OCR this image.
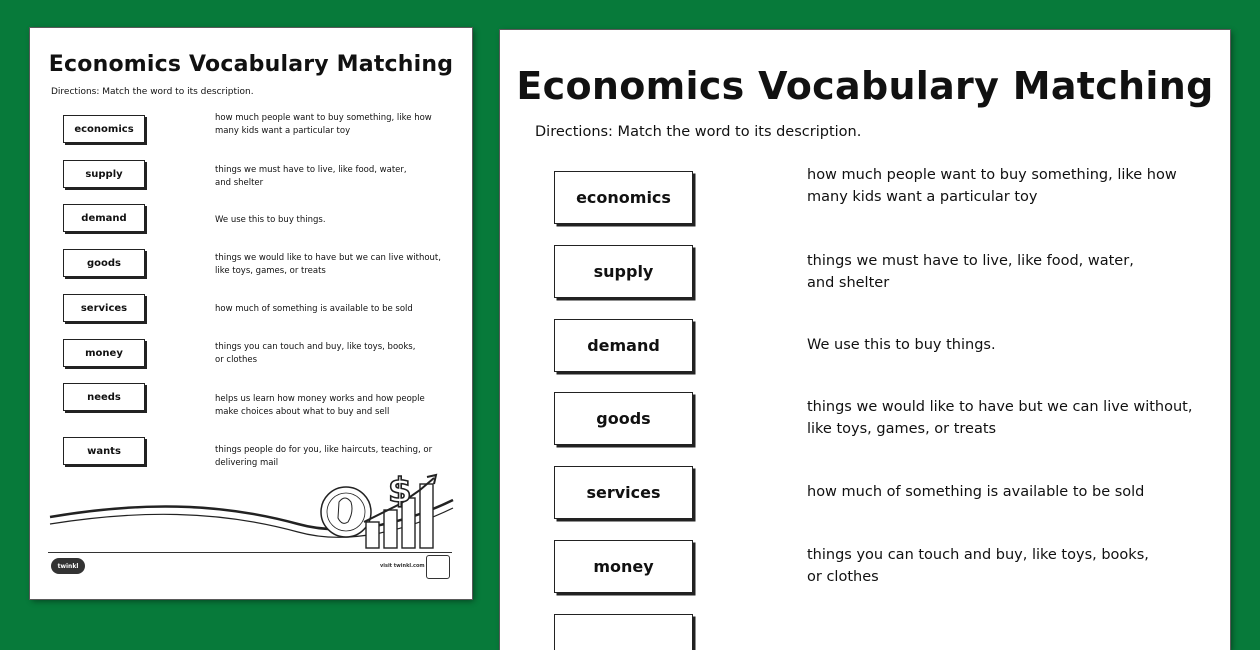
Economics Vocabulary Matching
Directions: Match the word to its description.
economics
supply
demand
goods
services
money
needs
wants
how much people want to buy something, like how
many kids want a particular toy
things we must have to live, like food, water,
and shelter
We use this to buy things.
things we would like to have but we can live without,
like toys, games, or treats
how much of something is available to be sold
things you can touch and buy, like toys, books,
or clothes
helps us learn how money works and how people
make choices about what to buy and sell
things people do for you, like haircuts, teaching, or
delivering mail
$
twinkl	visit twinkl.com
Economics Vocabulary Matching
Directions: Match the word to its description.
economics
supply
demand
goods
services
money
how much people want to buy something, like how
many kids want a particular toy
things we must have to live, like food, water,
and shelter
We use this to buy things.
things we would like to have but we can live without,
like toys, games, or treats
how much of something is available to be sold
things you can touch and buy, like toys, books,
or clothes
